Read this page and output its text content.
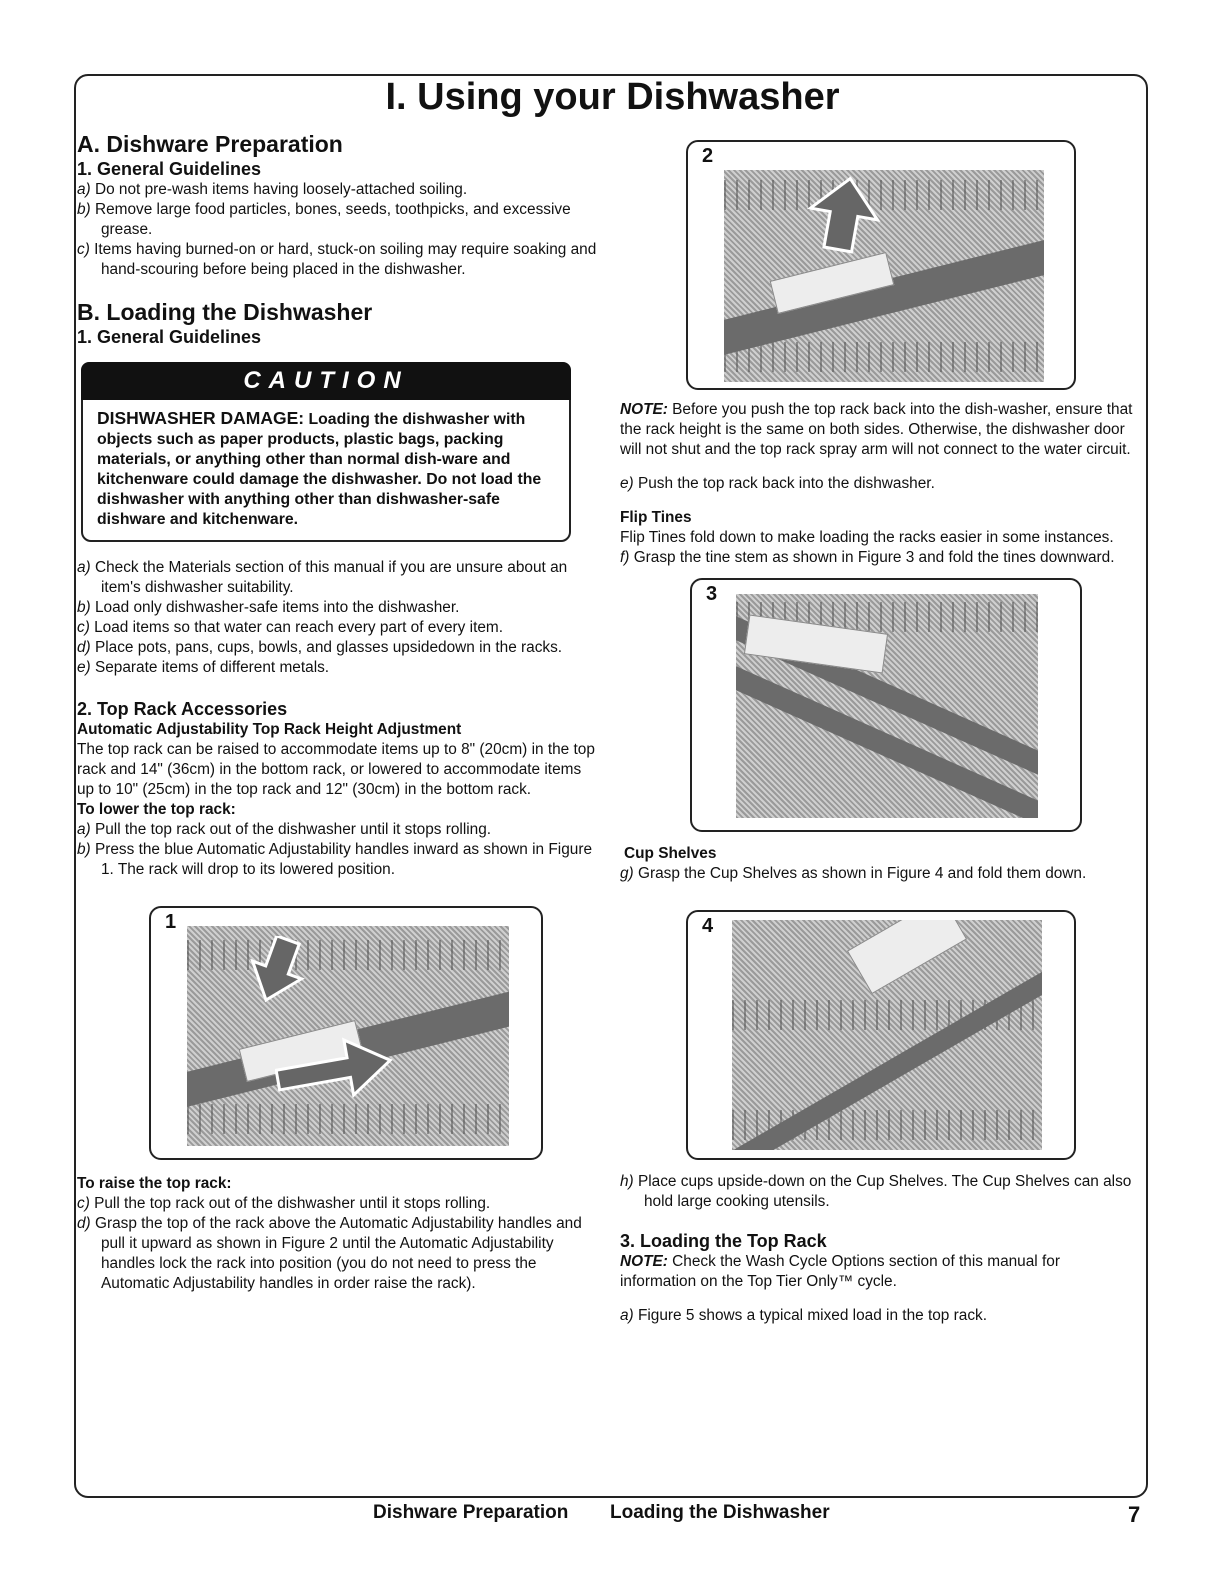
I. Using your Dishwasher
A. Dishware Preparation
1. General Guidelines
a) Do not pre-wash items having loosely-attached soiling.
b) Remove large food particles, bones, seeds, toothpicks, and excessive grease.
c) Items having burned-on or hard, stuck-on soiling may require soaking and hand-scouring before being placed in the dishwasher.
B. Loading the Dishwasher
1. General Guidelines
CAUTION
DISHWASHER DAMAGE: Loading the dishwasher with objects such as paper products, plastic bags, packing materials, or anything other than normal dish-ware and kitchenware could damage the dishwasher. Do not load the dishwasher with anything other than dishwasher-safe dishware and kitchenware.
a) Check the Materials section of this manual if you are unsure about an item's dishwasher suitability.
b) Load only dishwasher-safe items into the dishwasher.
c) Load items so that water can reach every part of every item.
d) Place pots, pans, cups, bowls, and glasses upsidedown in the racks.
e) Separate items of different metals.
2. Top Rack Accessories
Automatic Adjustability Top Rack Height Adjustment

The top rack can be raised to accommodate items up to 8" (20cm) in the top rack and 14" (36cm) in the bottom rack, or lowered to accommodate items up to 10" (25cm) in the top rack and 12" (30cm) in the bottom rack.

To lower the top rack:
a) Pull the top rack out of the dishwasher until it stops rolling.
b) Press the blue Automatic Adjustability handles inward as shown in Figure 1. The rack will drop to its lowered position.
1
To raise the top rack:
c) Pull the top rack out of the dishwasher until it stops rolling.
d) Grasp the top of the rack above the Automatic Adjustability handles and pull it upward as shown in Figure 2 until the Automatic Adjustability handles lock the rack into position (you do not need to press the Automatic Adjustability handles in order raise the rack).
2

NOTE: Before you push the top rack back into the dish-washer, ensure that the rack height is the same on both sides. Otherwise, the dishwasher door will not shut and the top rack spray arm will not connect to the water circuit.

e) Push the top rack back into the dishwasher.
Flip Tines

Flip Tines fold down to make loading the racks easier in some instances.

f) Grasp the tine stem as shown in Figure 3 and fold the tines downward.
3
Cup Shelves
g) Grasp the Cup Shelves as shown in Figure 4 and fold them down.
4
h) Place cups upside-down on the Cup Shelves. The Cup Shelves can also hold large cooking utensils.
3. Loading the Top Rack

NOTE: Check the Wash Cycle Options section of this manual for information on the Top Tier Only™ cycle.

a) Figure 5 shows a typical mixed load in the top rack.
Dishware Preparation Loading the Dishwasher	7
